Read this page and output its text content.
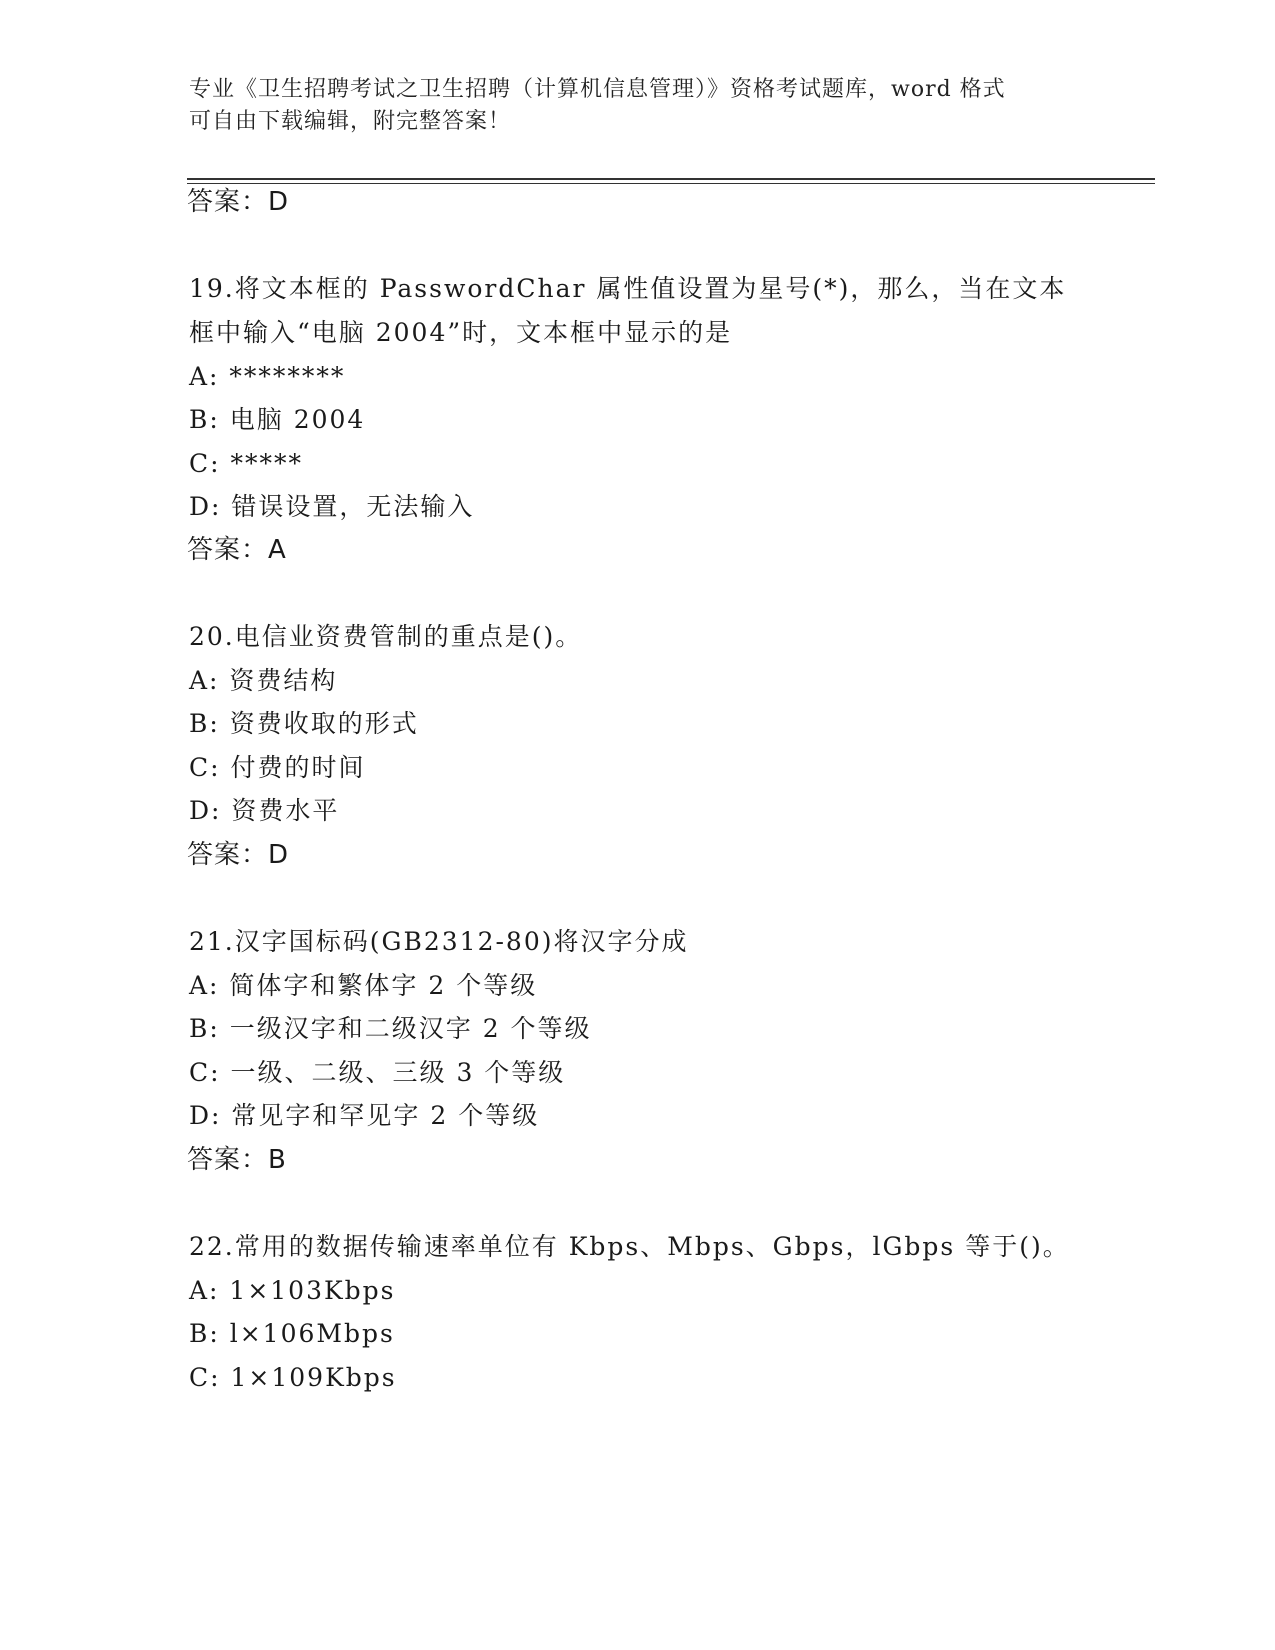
专业《卫生招聘考试之卫生招聘（计算机信息管理）》资格考试题库，word 格式
可自由下载编辑，附完整答案！
答案：D
19.将文本框的 PasswordChar 属性值设置为星号(*)，那么，当在文本
框中输入“电脑 2004”时，文本框中显示的是
A: ********
B: 电脑 2004
C: *****
D: 错误设置，无法输入
答案：A
20.电信业资费管制的重点是()。
A: 资费结构
B: 资费收取的形式
C: 付费的时间
D: 资费水平
答案：D
21.汉字国标码(GB2312-80)将汉字分成
A: 简体字和繁体字 2 个等级
B: 一级汉字和二级汉字 2 个等级
C: 一级、二级、三级 3 个等级
D: 常见字和罕见字 2 个等级
答案：B
22.常用的数据传输速率单位有 Kbps、Mbps、Gbps，lGbps 等于()。
A: 1×103Kbps
B: l×106Mbps
C: 1×109Kbps
